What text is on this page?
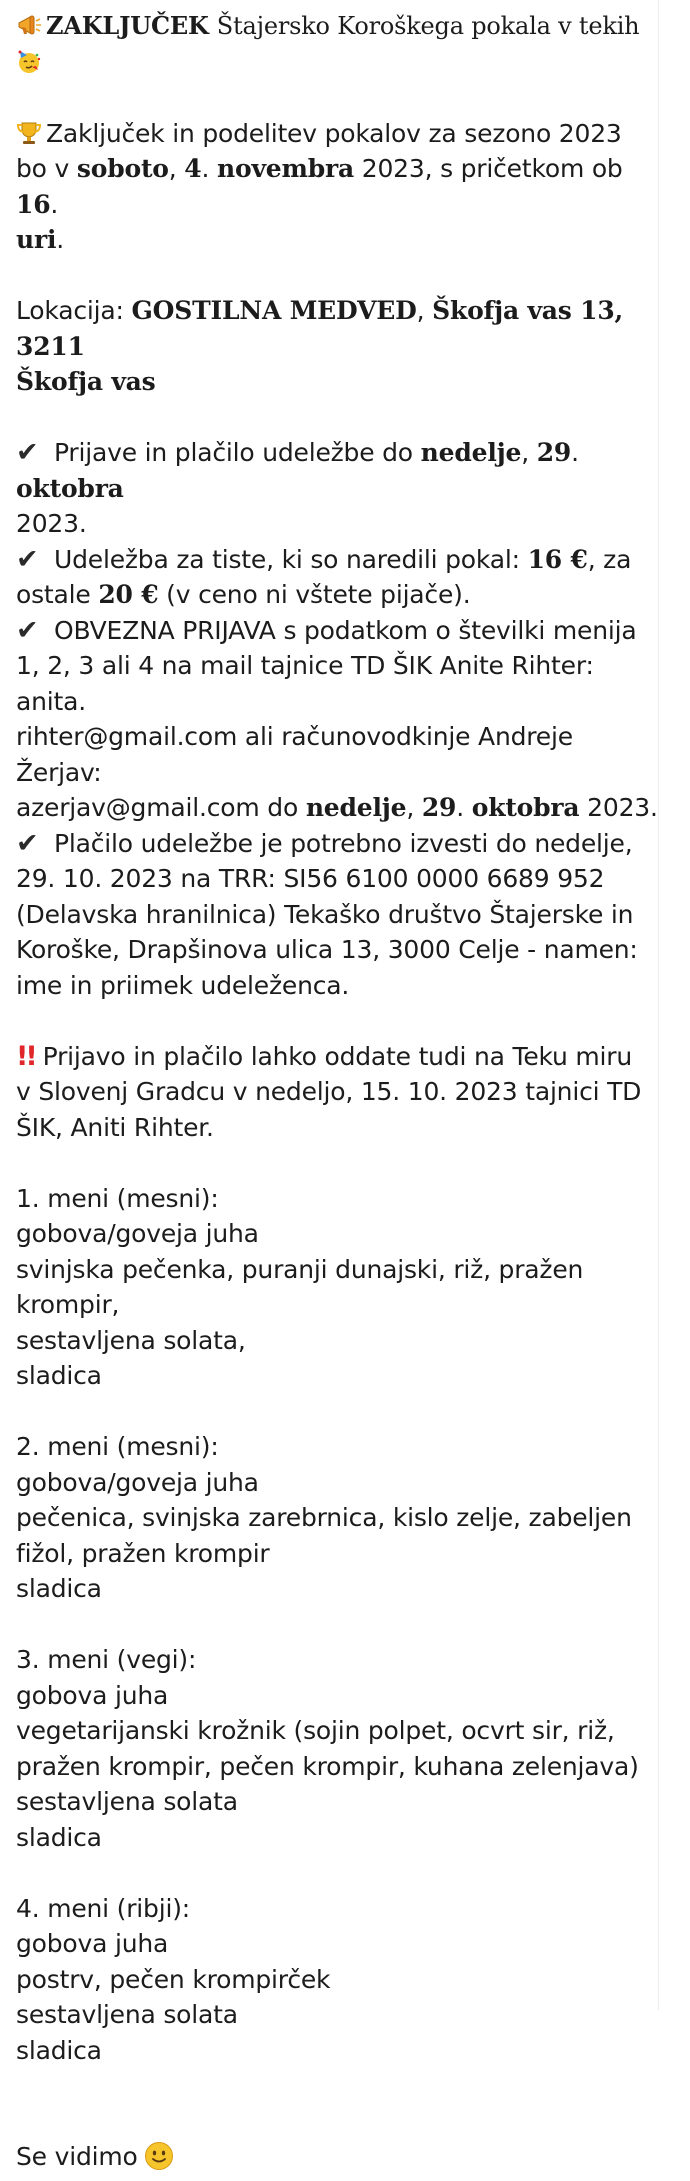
ZAKLJUČEK Štajersko Koroškega pokala v tekih

Zaključek in podelitev pokalov za sezono 2023

bo v soboto, 4. novembra 2023, s pričetkom ob 16.

uri.

Lokacija: GOSTILNA MEDVED, Škofja vas 13, 3211

Škofja vas

✔ Prijave in plačilo udeležbe do nedelje, 29. oktobra

2023.

✔ Udeležba za tiste, ki so naredili pokal: 16 €, za

ostale 20 € (v ceno ni vštete pijače).

✔ OBVEZNA PRIJAVA s podatkom o številki menija

1, 2, 3 ali 4 na mail tajnice TD ŠIK Anite Rihter: anita.

rihter@gmail.com ali računovodkinje Andreje Žerjav:

azerjav@gmail.com do nedelje, 29. oktobra 2023.

✔ Plačilo udeležbe je potrebno izvesti do nedelje,

29. 10. 2023 na TRR: SI56 6100 0000 6689 952

(Delavska hranilnica) Tekaško društvo Štajerske in

Koroške, Drapšinova ulica 13, 3000 Celje - namen:

ime in priimek udeleženca.

!! Prijavo in plačilo lahko oddate tudi na Teku miru

v Slovenj Gradcu v nedeljo, 15. 10. 2023 tajnici TD

ŠIK, Aniti Rihter.

1. meni (mesni):

gobova/goveja juha

svinjska pečenka, puranji dunajski, riž, pražen

krompir,

sestavljena solata,

sladica

2. meni (mesni):

gobova/goveja juha

pečenica, svinjska zarebrnica, kislo zelje, zabeljen

fižol, pražen krompir

sladica

3. meni (vegi):

gobova juha

vegetarijanski krožnik (sojin polpet, ocvrt sir, riž,

pražen krompir, pečen krompir, kuhana zelenjava)

sestavljena solata

sladica

4. meni (ribji):

gobova juha

postrv, pečen krompirček

sestavljena solata

sladica

Se vidimo
